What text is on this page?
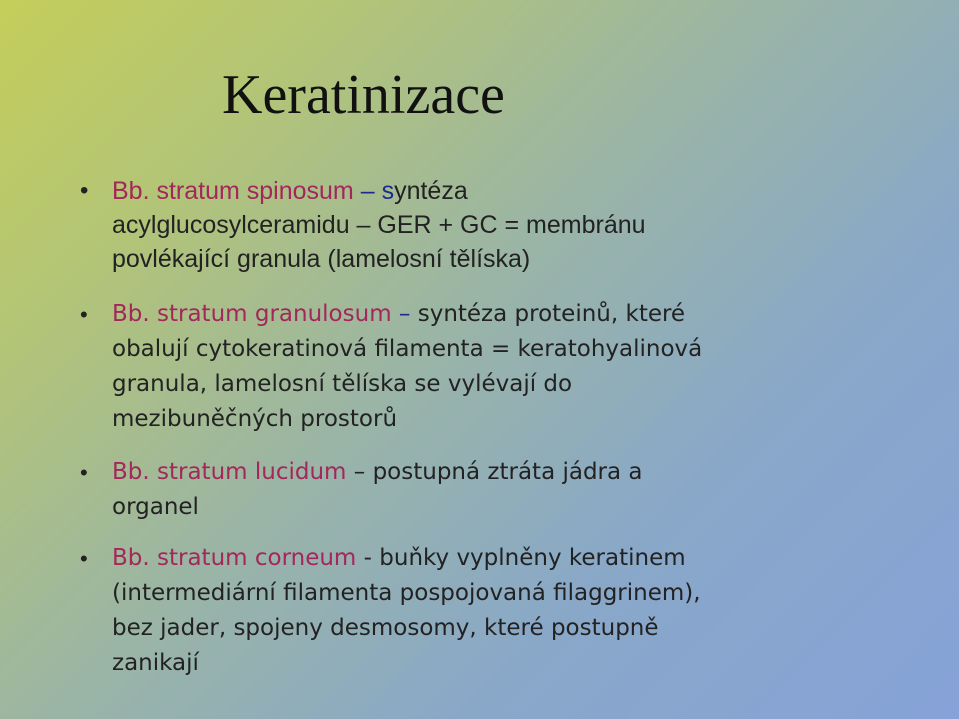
Keratinizace
• Bb. stratum spinosum – syntéza
acylglucosylceramidu – GER + GC = membránu
povlékající granula (lamelosní tělíska)
• Bb. stratum granulosum – syntéza proteinů, které
obalují cytokeratinová filamenta = keratohyalinová
granula, lamelosní tělíska se vylévají do
mezibuněčných prostorů
• Bb. stratum lucidum – postupná ztráta jádra a
organel
• Bb. stratum corneum - buňky vyplněny keratinem
(intermediární filamenta pospojovaná filaggrinem),
bez jader, spojeny desmosomy, které postupně
zanikají
